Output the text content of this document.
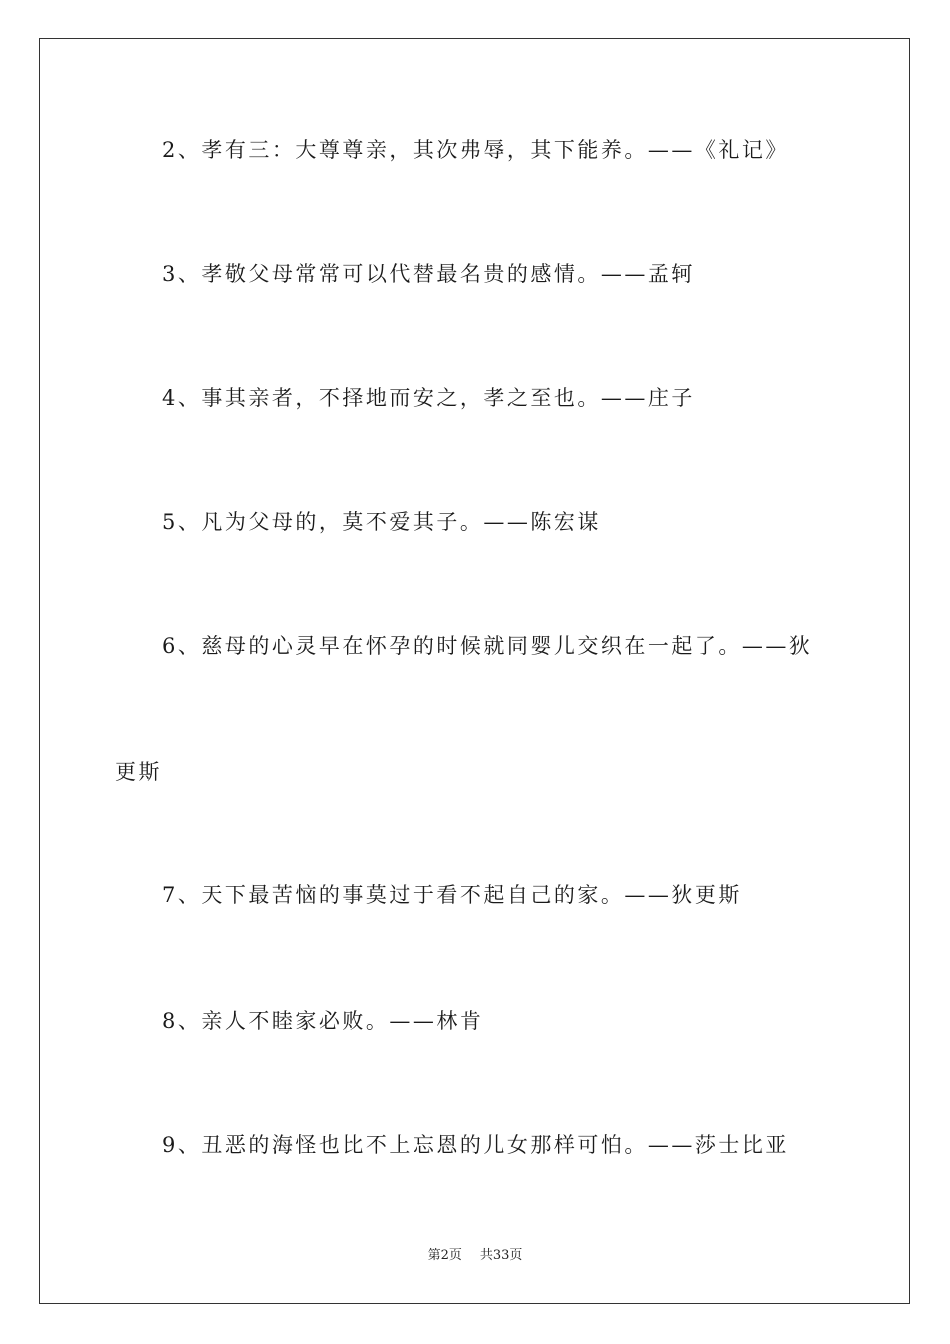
2、孝有三：大尊尊亲，其次弗辱，其下能养。——《礼记》
3、孝敬父母常常可以代替最名贵的感情。——孟轲
4、事其亲者，不择地而安之，孝之至也。——庄子
5、凡为父母的，莫不爱其子。——陈宏谋
6、慈母的心灵早在怀孕的时候就同婴儿交织在一起了。——狄
更斯
7、天下最苦恼的事莫过于看不起自己的家。——狄更斯
8、亲人不睦家必败。——林肯
9、丑恶的海怪也比不上忘恩的儿女那样可怕。——莎士比亚
第2页 共33页
